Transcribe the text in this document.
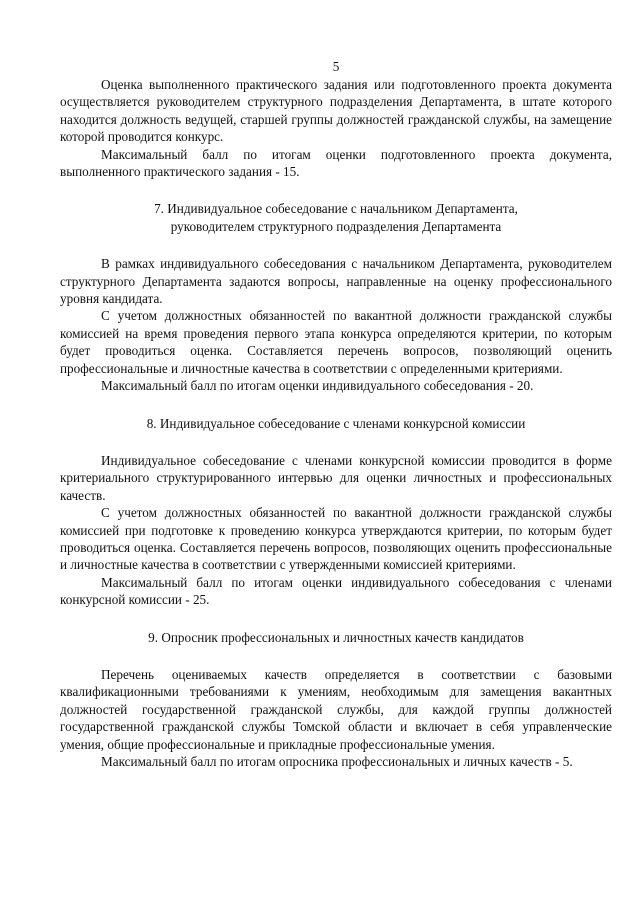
5

Оценка выполненного практического задания или подготовленного проекта документа осуществляется руководителем структурного подразделения Департамента, в штате которого находится должность ведущей, старшей группы должностей гражданской службы, на замещение которой проводится конкурс.

Максимальный балл по итогам оценки подготовленного проекта документа, выполненного практического задания - 15.

7. Индивидуальное собеседование с начальником Департамента,
руководителем структурного подразделения Департамента

В рамках индивидуального собеседования с начальником Департамента, руководителем структурного Департамента задаются вопросы, направленные на оценку профессионального уровня кандидата.

С учетом должностных обязанностей по вакантной должности гражданской службы комиссией на время проведения первого этапа конкурса определяются критерии, по которым будет проводиться оценка. Составляется перечень вопросов, позволяющий оценить профессиональные и личностные качества в соответствии с определенными критериями.

Максимальный балл по итогам оценки индивидуального собеседования - 20.

8. Индивидуальное собеседование с членами конкурсной комиссии

Индивидуальное собеседование с членами конкурсной комиссии проводится в форме критериального структурированного интервью для оценки личностных и профессиональных качеств.

С учетом должностных обязанностей по вакантной должности гражданской службы комиссией при подготовке к проведению конкурса утверждаются критерии, по которым будет проводиться оценка. Составляется перечень вопросов, позволяющих оценить профессиональные и личностные качества в соответствии с утвержденными комиссией критериями.

Максимальный балл по итогам оценки индивидуального собеседования с членами конкурсной комиссии - 25.

9. Опросник профессиональных и личностных качеств кандидатов

Перечень оцениваемых качеств определяется в соответствии с базовыми квалификационными требованиями к умениям, необходимым для замещения вакантных должностей государственной гражданской службы, для каждой группы должностей государственной гражданской службы Томской области и включает в себя управленческие умения, общие профессиональные и прикладные профессиональные умения.

Максимальный балл по итогам опросника профессиональных и личных качеств - 5.
